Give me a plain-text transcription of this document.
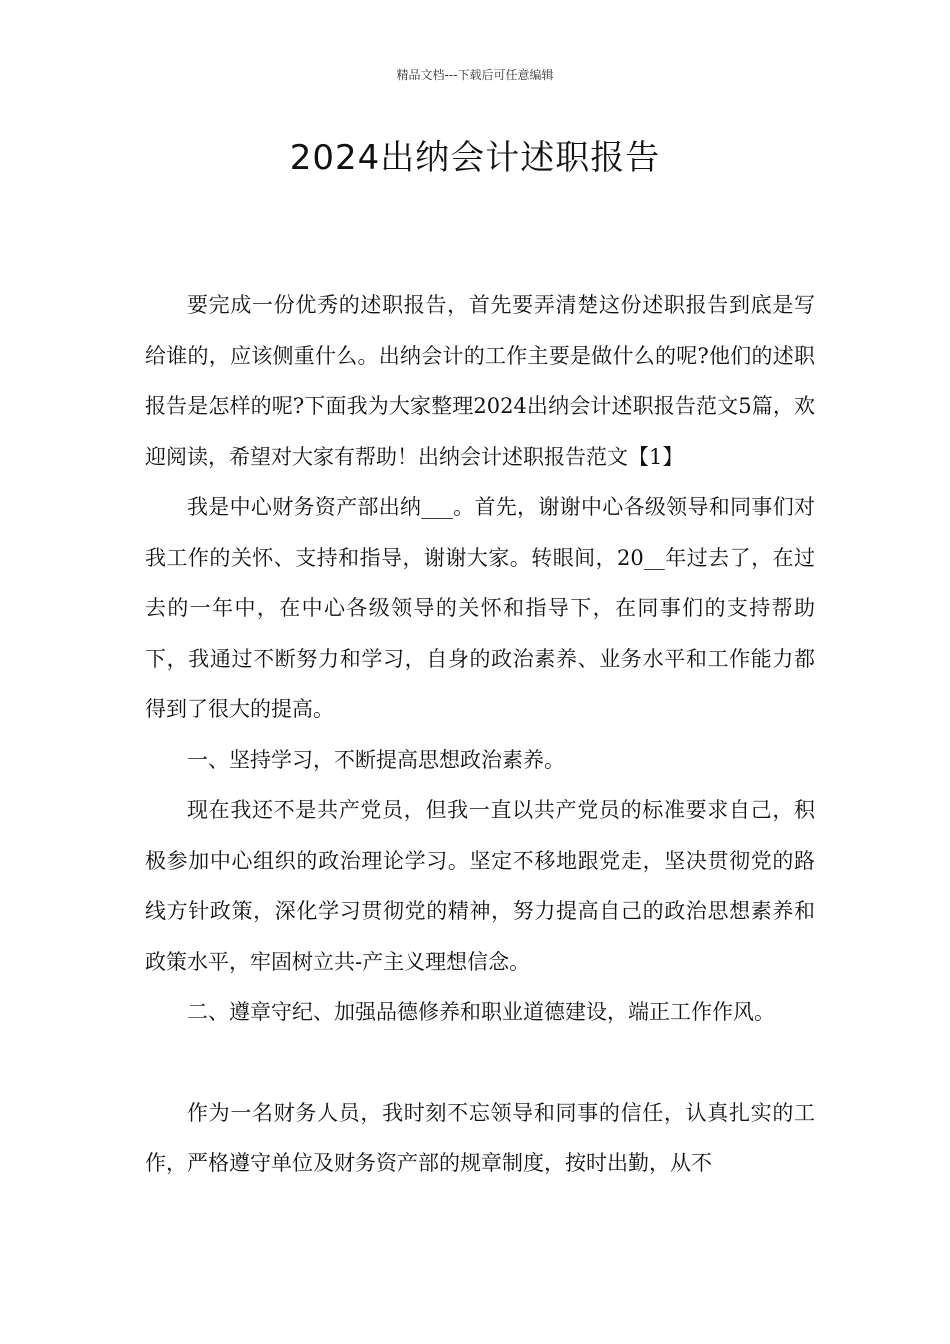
精品文档---下载后可任意编辑
2024出纳会计述职报告

要完成一份优秀的述职报告，首先要弄清楚这份述职报告到底是写给谁的，应该侧重什么。出纳会计的工作主要是做什么的呢?他们的述职报告是怎样的呢?下面我为大家整理2024出纳会计述职报告范文5篇，欢迎阅读，希望对大家有帮助！出纳会计述职报告范文【1】

我是中心财务资产部出纳___。首先，谢谢中心各级领导和同事们对我工作的关怀、支持和指导，谢谢大家。转眼间，20__年过去了，在过去的一年中，在中心各级领导的关怀和指导下，在同事们的支持帮助下，我通过不断努力和学习，自身的政治素养、业务水平和工作能力都得到了很大的提高。

一、坚持学习，不断提高思想政治素养。

现在我还不是共产党员，但我一直以共产党员的标准要求自己，积极参加中心组织的政治理论学习。坚定不移地跟党走，坚决贯彻党的路线方针政策，深化学习贯彻党的精神，努力提高自己的政治思想素养和政策水平，牢固树立共-产主义理想信念。

二、遵章守纪、加强品德修养和职业道德建设，端正工作作风。

作为一名财务人员，我时刻不忘领导和同事的信任，认真扎实的工作，严格遵守单位及财务资产部的规章制度，按时出勤，从不
